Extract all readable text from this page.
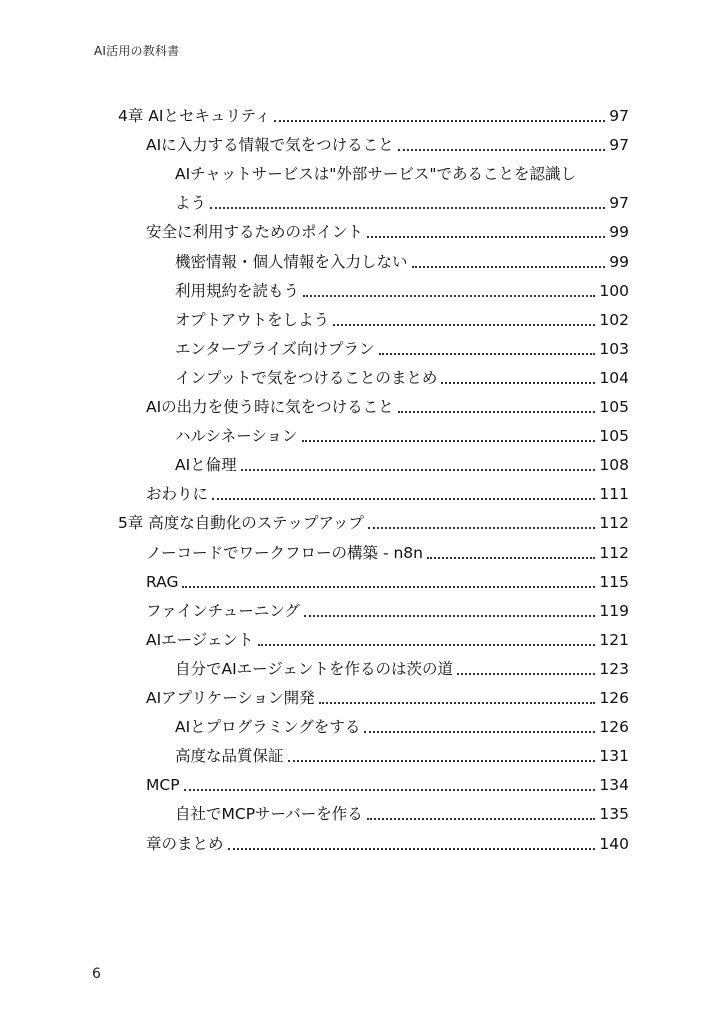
AI活用の教科書
4章 AIとセキュリティ	97
AIに入力する情報で気をつけること	97
AIチャットサービスは"外部サービス"であることを認識し
よう	97
安全に利用するためのポイント	99
機密情報・個人情報を入力しない	99
利用規約を読もう	100
オプトアウトをしよう	102
エンタープライズ向けプラン	103
インプットで気をつけることのまとめ	104
AIの出力を使う時に気をつけること	105
ハルシネーション	105
AIと倫理	108
おわりに	111
5章 高度な自動化のステップアップ	112
ノーコードでワークフローの構築 - n8n	112
RAG	115
ファインチューニング	119
AIエージェント	121
自分でAIエージェントを作るのは茨の道	123
AIアプリケーション開発	126
AIとプログラミングをする	126
高度な品質保証	131
MCP	134
自社でMCPサーバーを作る	135
章のまとめ	140
6
